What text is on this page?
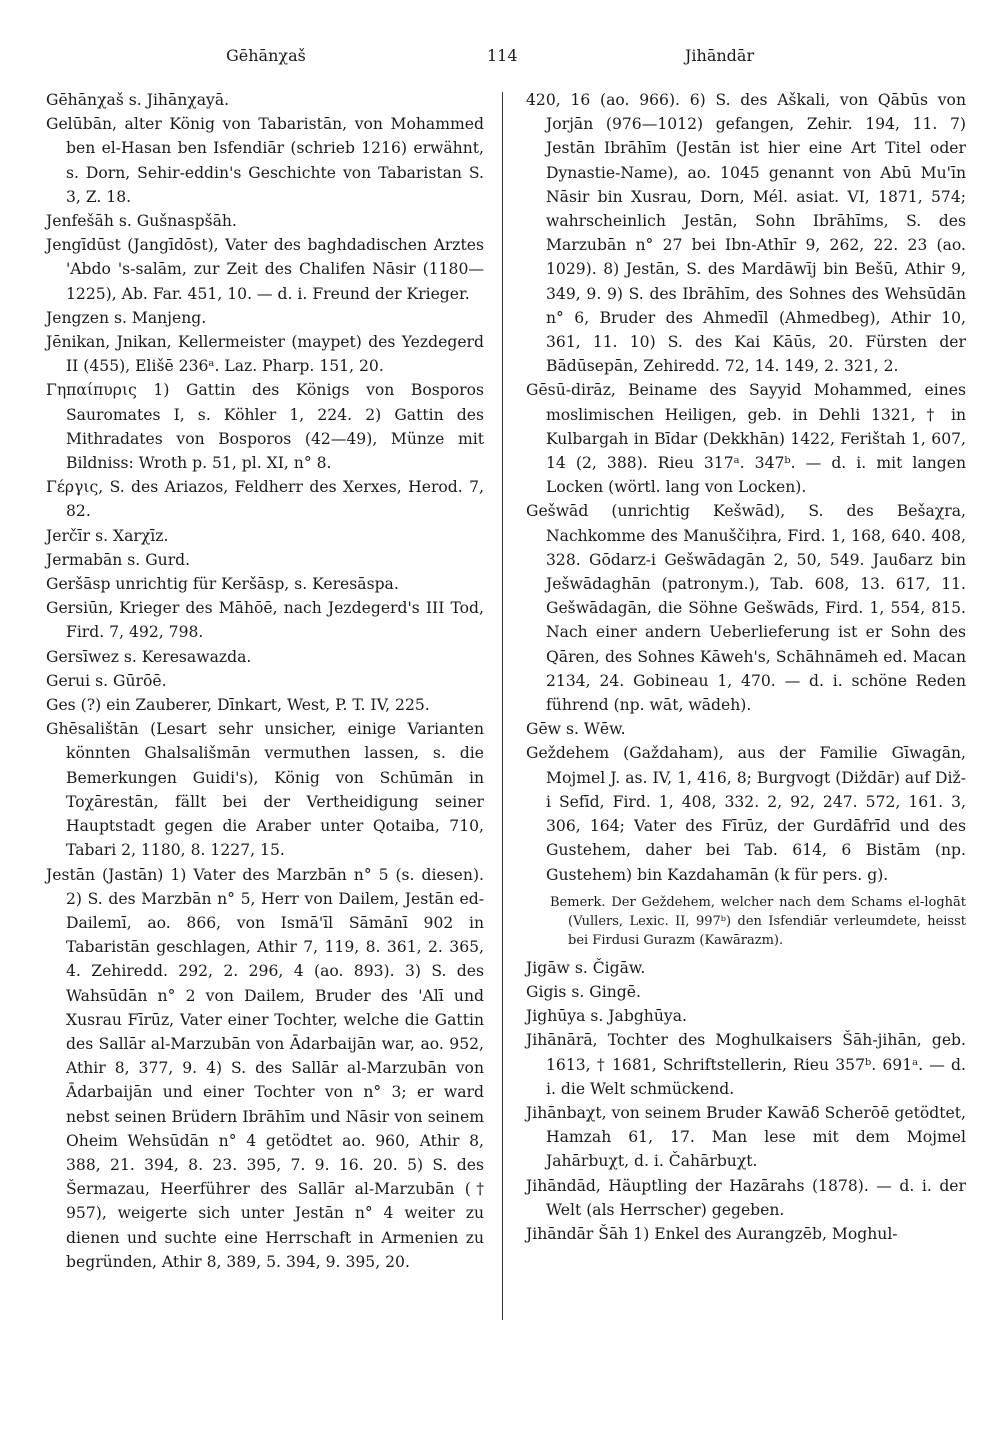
Gēhānχaš	114	Jihāndār

Gēhānχaš s. Jihānχayā.

Gelūbān, alter König von Tabaristān, von Mohammed ben el-Hasan ben Isfendiār (schrieb 1216) erwähnt, s. Dorn, Sehir-eddin's Geschichte von Tabaristan S. 3, Z. 18.

Jenfešāh s. Gušnaspšāh.

Jengīdūst (Jangīdōst), Vater des baghdadischen Arztes 'Abdo 's-salām, zur Zeit des Chalifen Nāsir (1180—1225), Ab. Far. 451, 10. — d. i. Freund der Krieger.

Jengzen s. Manjeng.

Jēnikan, Jnikan, Kellermeister (maypet) des Yezdegerd II (455), Elišē 236ᵃ. Laz. Pharp. 151, 20.

Γηπαίπυρις 1) Gattin des Königs von Bosporos Sauromates I, s. Köhler 1, 224. 2) Gattin des Mithradates von Bosporos (42—49), Münze mit Bildniss: Wroth p. 51, pl. XI, n° 8.

Γέργις, S. des Ariazos, Feldherr des Xerxes, Herod. 7, 82.

Jerčīr s. Xarχīz.

Jermabān s. Gurd.

Geršāsp unrichtig für Keršāsp, s. Keresāspa.

Gersiūn, Krieger des Māhōē, nach Jezdegerd's III Tod, Fird. 7, 492, 798.

Gersīwez s. Keresawazda.

Gerui s. Gūrōē.

Ges (?) ein Zauberer, Dīnkart, West, P. T. IV, 225.

Ghēsalištān (Lesart sehr unsicher, einige Varianten könnten Ghalsališmān vermuthen lassen, s. die Bemerkungen Guidi's), König von Schūmān in Toχārestān, fällt bei der Vertheidigung seiner Hauptstadt gegen die Araber unter Qotaiba, 710, Tabari 2, 1180, 8. 1227, 15.

Jestān (Jastān) 1) Vater des Marzbān n° 5 (s. diesen). 2) S. des Marzbān n° 5, Herr von Dailem, Jestān ed-Dailemī, ao. 866, von Ismā'īl Sāmānī 902 in Tabaristān geschlagen, Athir 7, 119, 8. 361, 2. 365, 4. Zehiredd. 292, 2. 296, 4 (ao. 893). 3) S. des Wahsūdān n° 2 von Dailem, Bruder des 'Alī und Xusrau Fīrūz, Vater einer Tochter, welche die Gattin des Sallār al-Marzubān von Ādarbaijān war, ao. 952, Athir 8, 377, 9. 4) S. des Sallār al-Marzubān von Ādarbaijān und einer Tochter von n° 3; er ward nebst seinen Brüdern Ibrāhīm und Nāsir von seinem Oheim Wehsūdān n° 4 getödtet ao. 960, Athir 8, 388, 21. 394, 8. 23. 395, 7. 9. 16. 20. 5) S. des Šermazau, Heerführer des Sallār al-Marzubān († 957), weigerte sich unter Jestān n° 4 weiter zu dienen und suchte eine Herrschaft in Armenien zu begründen, Athir 8, 389, 5. 394, 9. 395, 20.

420, 16 (ao. 966). 6) S. des Aškali, von Qābūs von Jorjān (976—1012) gefangen, Zehir. 194, 11. 7) Jestān Ibrāhīm (Jestān ist hier eine Art Titel oder Dynastie-Name), ao. 1045 genannt von Abū Mu'īn Nāsir bin Xusrau, Dorn, Mél. asiat. VI, 1871, 574; wahrscheinlich Jestān, Sohn Ibrāhīms, S. des Marzubān n° 27 bei Ibn-Athīr 9, 262, 22. 23 (ao. 1029). 8) Jestān, S. des Mardāwīj bin Bešū, Athir 9, 349, 9. 9) S. des Ibrāhīm, des Sohnes des Wehsūdān n° 6, Bruder des Ahmedīl (Ahmedbeg), Athir 10, 361, 11. 10) S. des Kai Kāūs, 20. Fürsten der Bādūsepān, Zehiredd. 72, 14. 149, 2. 321, 2.

Gēsū-dirāz, Beiname des Sayyid Mohammed, eines moslimischen Heiligen, geb. in Dehli 1321, † in Kulbargah in Bīdar (Dekkhān) 1422, Ferištah 1, 607, 14 (2, 388). Rieu 317ᵃ. 347ᵇ. — d. i. mit langen Locken (wörtl. lang von Locken).

Gešwād (unrichtig Kešwād), S. des Bešaχra, Nachkomme des Manuščiḥra, Fird. 1, 168, 640. 408, 328. Gōdarz-i Gešwādagān 2, 50, 549. Jauδarz bin Ješwādaghān (patronym.), Tab. 608, 13. 617, 11. Gešwādagān, die Söhne Gešwāds, Fird. 1, 554, 815. Nach einer andern Ueberlieferung ist er Sohn des Qāren, des Sohnes Kāweh's, Schāhnāmeh ed. Macan 2134, 24. Gobineau 1, 470. — d. i. schöne Reden führend (np. wāt, wādeh).

Gēw s. Wēw.

Geždehem (Gaždaham), aus der Familie Gīwagān, Mojmel J. as. IV, 1, 416, 8; Burgvogt (Diždār) auf Diž-i Sefīd, Fird. 1, 408, 332. 2, 92, 247. 572, 161. 3, 306, 164; Vater des Fīrūz, der Gurdāfrīd und des Gustehem, daher bei Tab. 614, 6 Bistām (np. Gustehem) bin Kazdahamān (k für pers. g).

Bemerk. Der Geždehem, welcher nach dem Schams el-loghāt (Vullers, Lexic. II, 997ᵇ) den Isfendiār verleumdete, heisst bei Firdusi Gurazm (Kawārazm).

Jigāw s. Čigāw.

Gigis s. Gingē.

Jighūya s. Jabghūya.

Jihānārā, Tochter des Moghulkaisers Šāh-jihān, geb. 1613, † 1681, Schriftstellerin, Rieu 357ᵇ. 691ᵃ. — d. i. die Welt schmückend.

Jihānbaχt, von seinem Bruder Kawāδ Scherōē getödtet, Hamzah 61, 17. Man lese mit dem Mojmel Jahārbuχt, d. i. Čahārbuχt.

Jihāndād, Häuptling der Hazārahs (1878). — d. i. der Welt (als Herrscher) gegeben.

Jihāndār Šāh 1) Enkel des Aurangzēb, Moghul-
